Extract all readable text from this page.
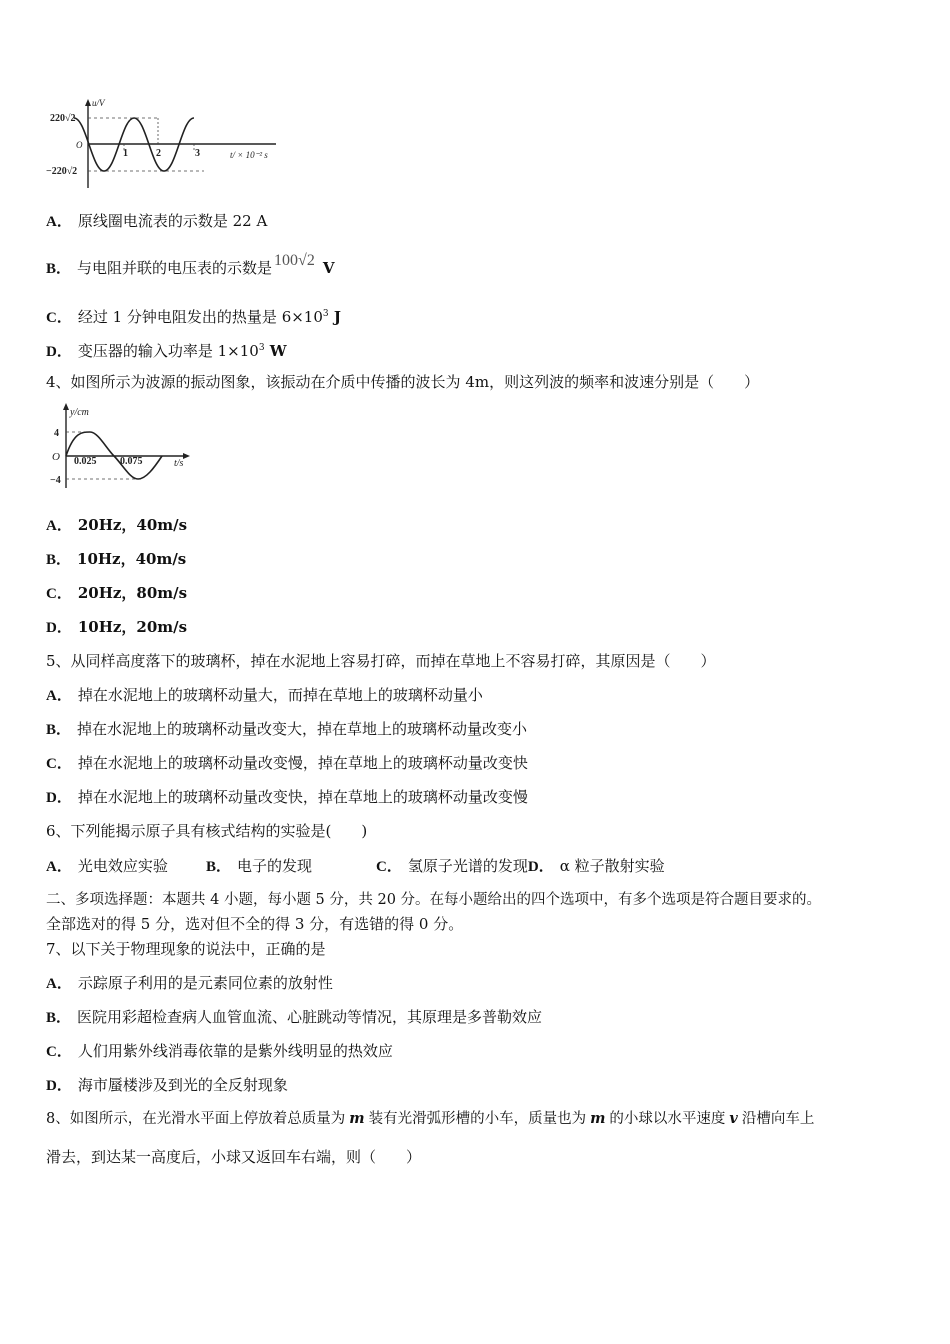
u/V
220√2
O
−220√2
1	2	3	t/ × 10⁻² s
A． 原线圈电流表的示数是 22 A
B． 与电阻并联的电压表的示数是 100√2 V
C． 经过 1 分钟电阻发出的热量是 $6\times 10^3$ J
D． 变压器的输入功率是 $1\times 10^3$ W
4、如图所示为波源的振动图象，该振动在介质中传播的波长为 4m，则这列波的频率和波速分别是（　　）
y/cm
4
O
−4
0.025 0.075	t/s
A． 20Hz，40m/s
B． 10Hz，40m/s
C． 20Hz，80m/s
D． 10Hz，20m/s
5、从同样高度落下的玻璃杯，掉在水泥地上容易打碎，而掉在草地上不容易打碎，其原因是（　　）
A． 掉在水泥地上的玻璃杯动量大，而掉在草地上的玻璃杯动量小
B． 掉在水泥地上的玻璃杯动量改变大，掉在草地上的玻璃杯动量改变小
C． 掉在水泥地上的玻璃杯动量改变慢，掉在草地上的玻璃杯动量改变快
D． 掉在水泥地上的玻璃杯动量改变快，掉在草地上的玻璃杯动量改变慢
6、下列能揭示原子具有核式结构的实验是(　　)
A． 光电效应实验	B． 电子的发现	C． 氢原子光谱的发现D． α 粒子散射实验
二、多项选择题：本题共 4 小题，每小题 5 分，共 20 分。在每小题给出的四个选项中，有多个选项是符合题目要求的。
全部选对的得 5 分，选对但不全的得 3 分，有选错的得 0 分。
7、以下关于物理现象的说法中，正确的是
A． 示踪原子利用的是元素同位素的放射性
B． 医院用彩超检查病人血管血流、心脏跳动等情况，其原理是多普勒效应
C． 人们用紫外线消毒依靠的是紫外线明显的热效应
D． 海市蜃楼涉及到光的全反射现象
8、如图所示，在光滑水平面上停放着总质量为 m 装有光滑弧形槽的小车，质量也为 m 的小球以水平速度 v 沿槽向车上
滑去，到达某一高度后，小球又返回车右端，则（　　）
